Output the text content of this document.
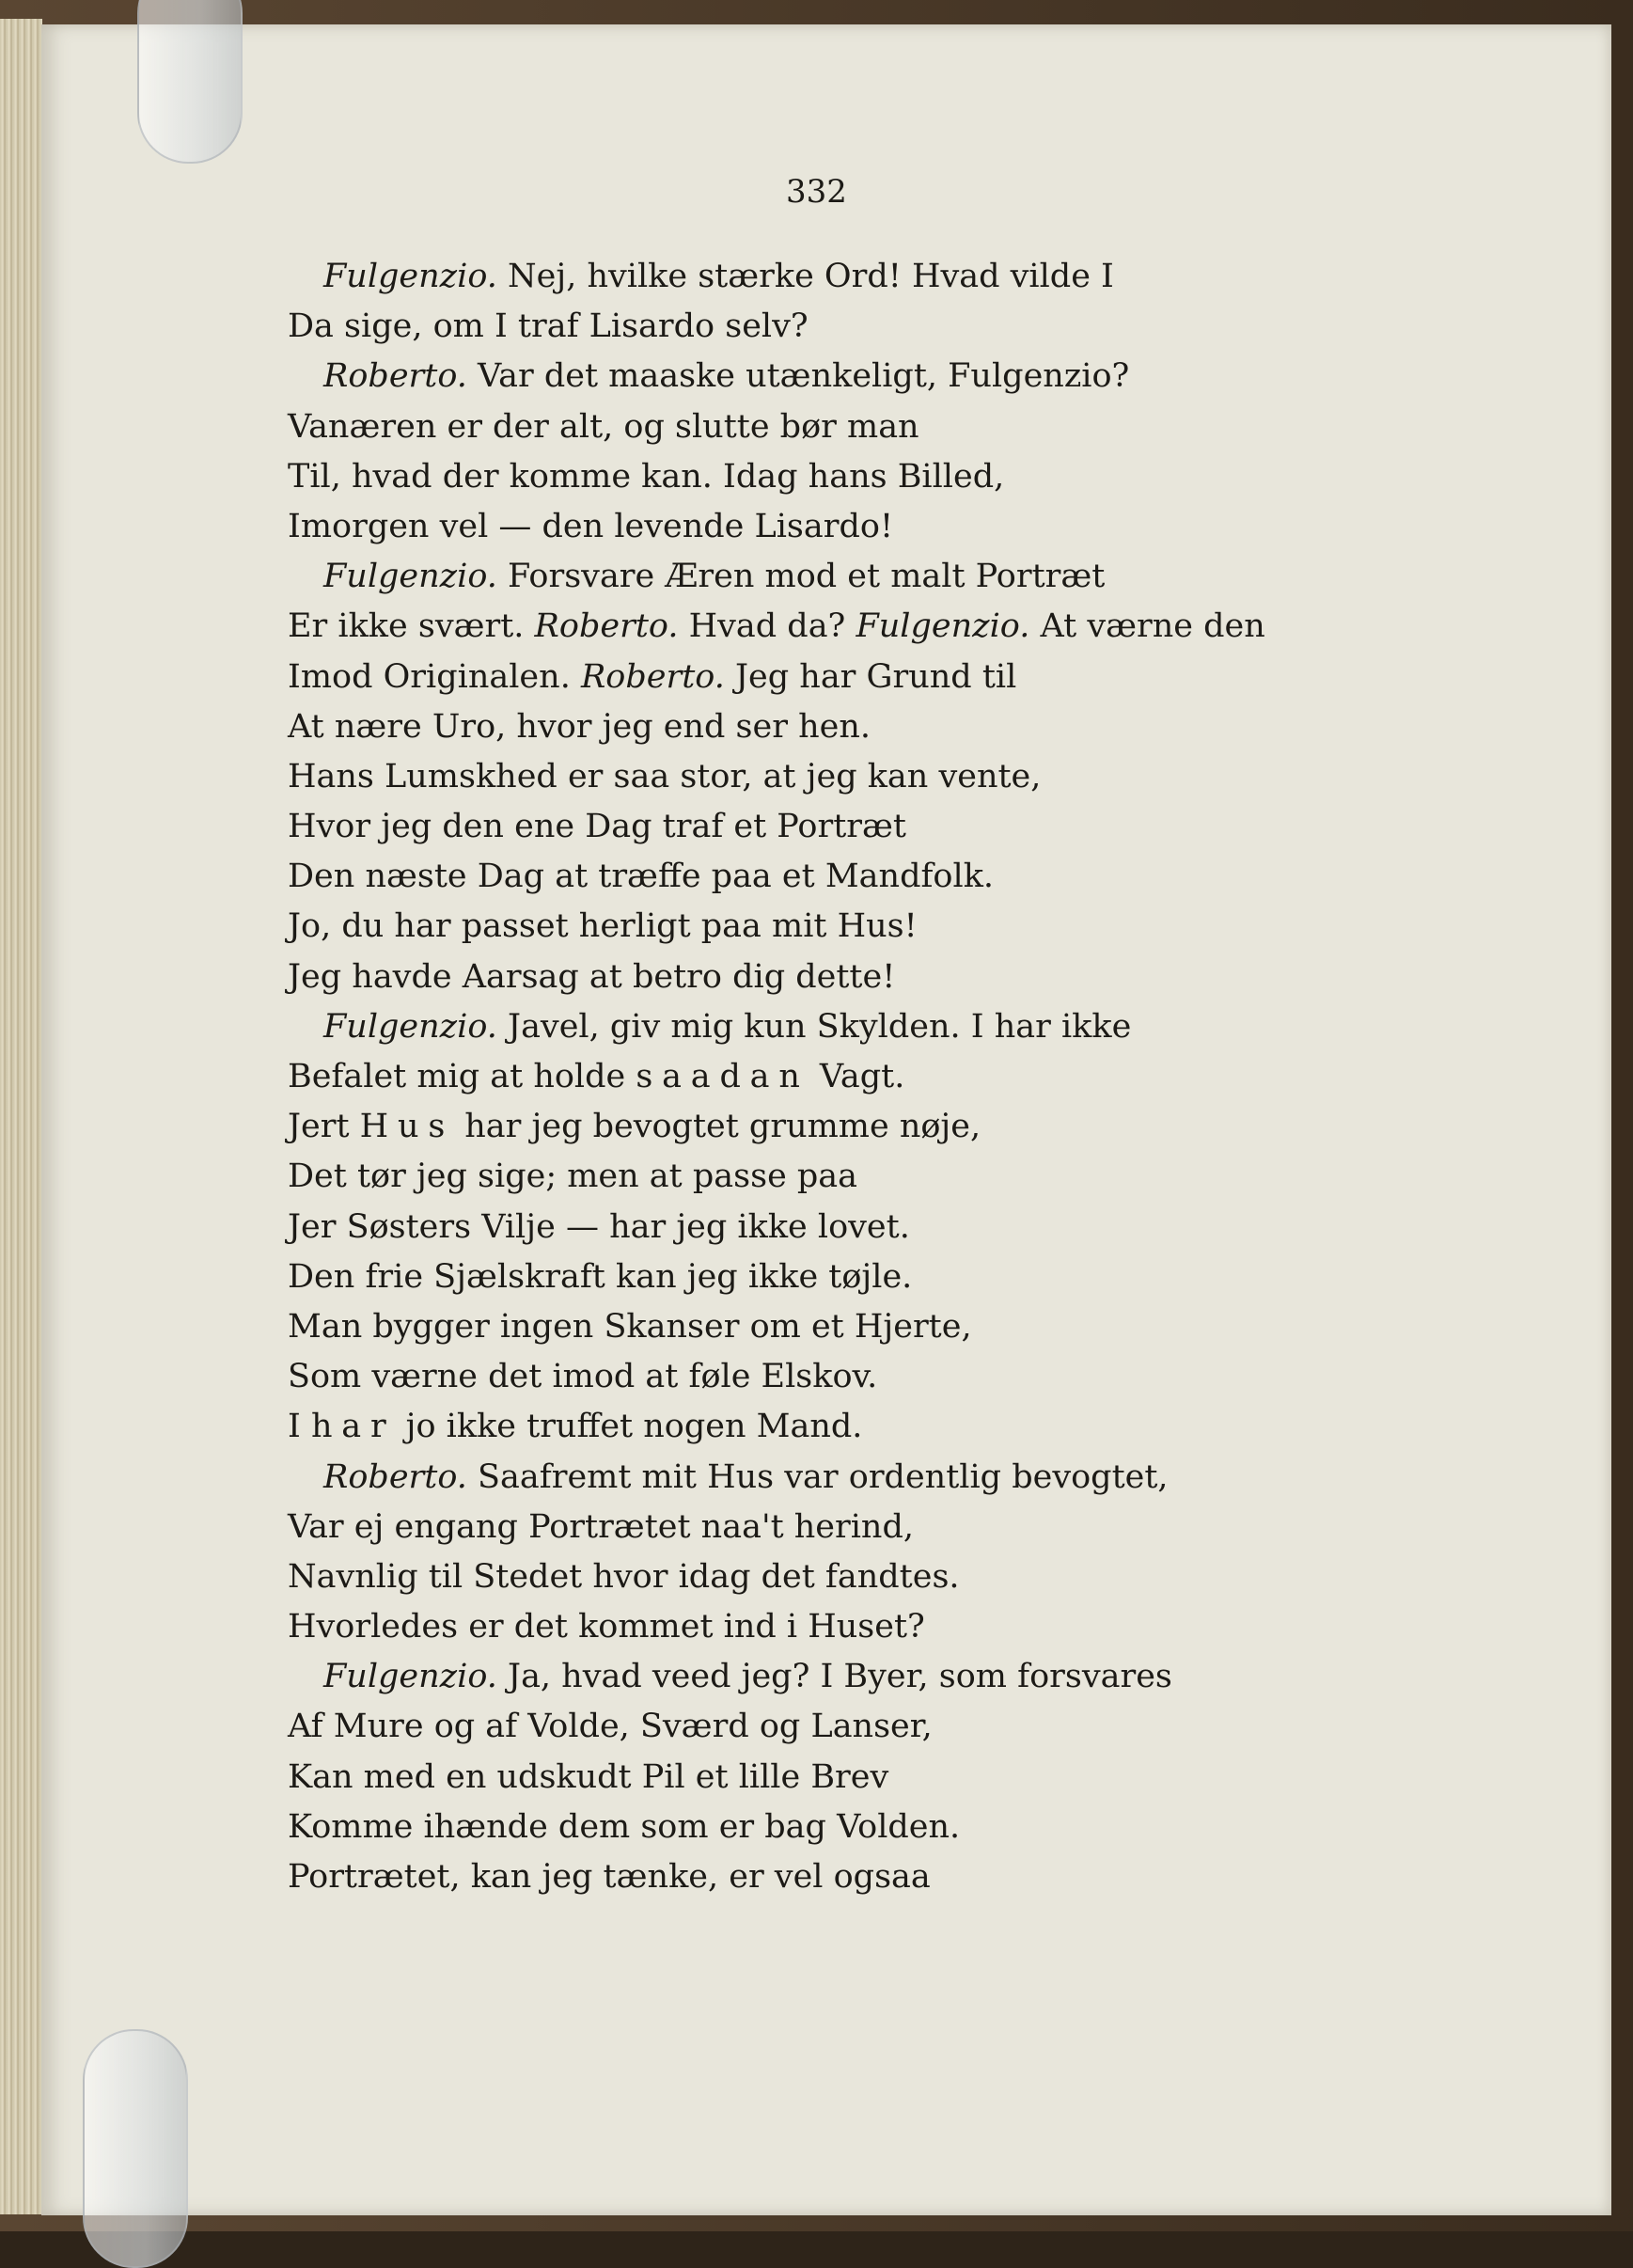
332
Fulgenzio. Nej, hvilke stærke Ord! Hvad vilde I
Da sige, om I traf Lisardo selv?
Roberto. Var det maaske utænkeligt, Fulgenzio?
Vanæren er der alt, og slutte bør man
Til, hvad der komme kan. Idag hans Billed,
Imorgen vel — den levende Lisardo!
Fulgenzio. Forsvare Æren mod et malt Portræt
Er ikke svært. Roberto. Hvad da? Fulgenzio. At værne den
Imod Originalen. Roberto. Jeg har Grund til
At nære Uro, hvor jeg end ser hen.
Hans Lumskhed er saa stor, at jeg kan vente,
Hvor jeg den ene Dag traf et Portræt
Den næste Dag at træffe paa et Mandfolk.
Jo, du har passet herligt paa mit Hus!
Jeg havde Aarsag at betro dig dette!
Fulgenzio. Javel, giv mig kun Skylden. I har ikke
Befalet mig at holde saadan Vagt.
Jert Hus har jeg bevogtet grumme nøje,
Det tør jeg sige; men at passe paa
Jer Søsters Vilje — har jeg ikke lovet.
Den frie Sjælskraft kan jeg ikke tøjle.
Man bygger ingen Skanser om et Hjerte,
Som værne det imod at føle Elskov.
I har jo ikke truffet nogen Mand.
Roberto. Saafremt mit Hus var ordentlig bevogtet,
Var ej engang Portrætet naa't herind,
Navnlig til Stedet hvor idag det fandtes.
Hvorledes er det kommet ind i Huset?
Fulgenzio. Ja, hvad veed jeg? I Byer, som forsvares
Af Mure og af Volde, Sværd og Lanser,
Kan med en udskudt Pil et lille Brev
Komme ihænde dem som er bag Volden.
Portrætet, kan jeg tænke, er vel ogsaa
